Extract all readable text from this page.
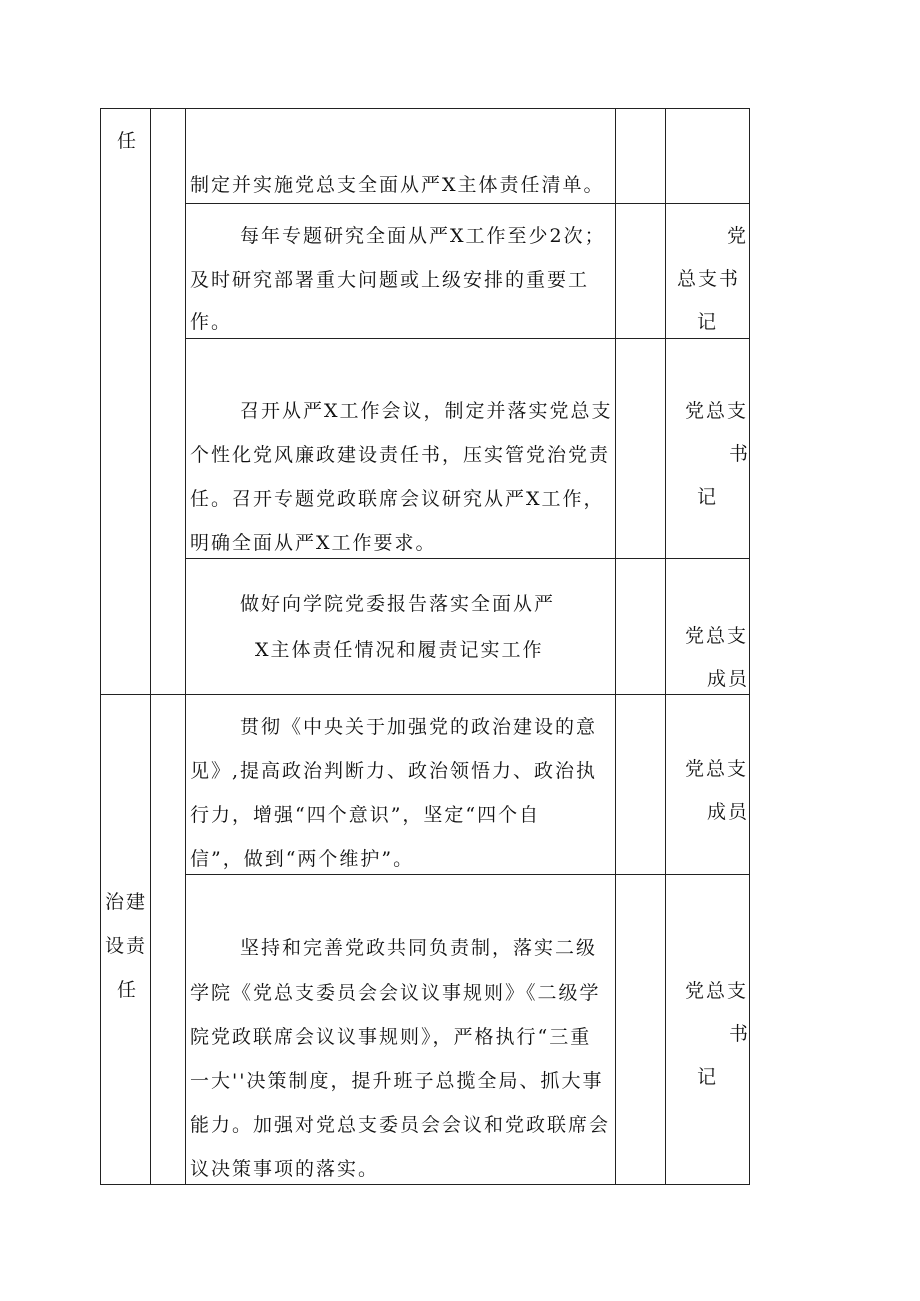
任
治建
设责
任
制定并实施党总支全面从严X主体责任清单。
每年专题研究全面从严X工作至少2次；
及时研究部署重大问题或上级安排的重要工
作。
党
总支书
记
召开从严X工作会议，制定并落实党总支
个性化党风廉政建设责任书，压实管党治党责
任。召开专题党政联席会议研究从严X工作，
明确全面从严X工作要求。
党总支
书
记
做好向学院党委报告落实全面从严
X主体责任情况和履责记实工作
党总支
成员
贯彻《中央关于加强党的政治建设的意
见》,提高政治判断力、政治领悟力、政治执
行力，增强“四个意识”，坚定“四个自
信”，做到“两个维护”。
党总支
成员
坚持和完善党政共同负责制，落实二级
学院《党总支委员会会议议事规则》《二级学
院党政联席会议议事规则》，严格执行“三重
一大''决策制度，提升班子总揽全局、抓大事
能力。加强对党总支委员会会议和党政联席会
议决策事项的落实。
党总支
书
记
